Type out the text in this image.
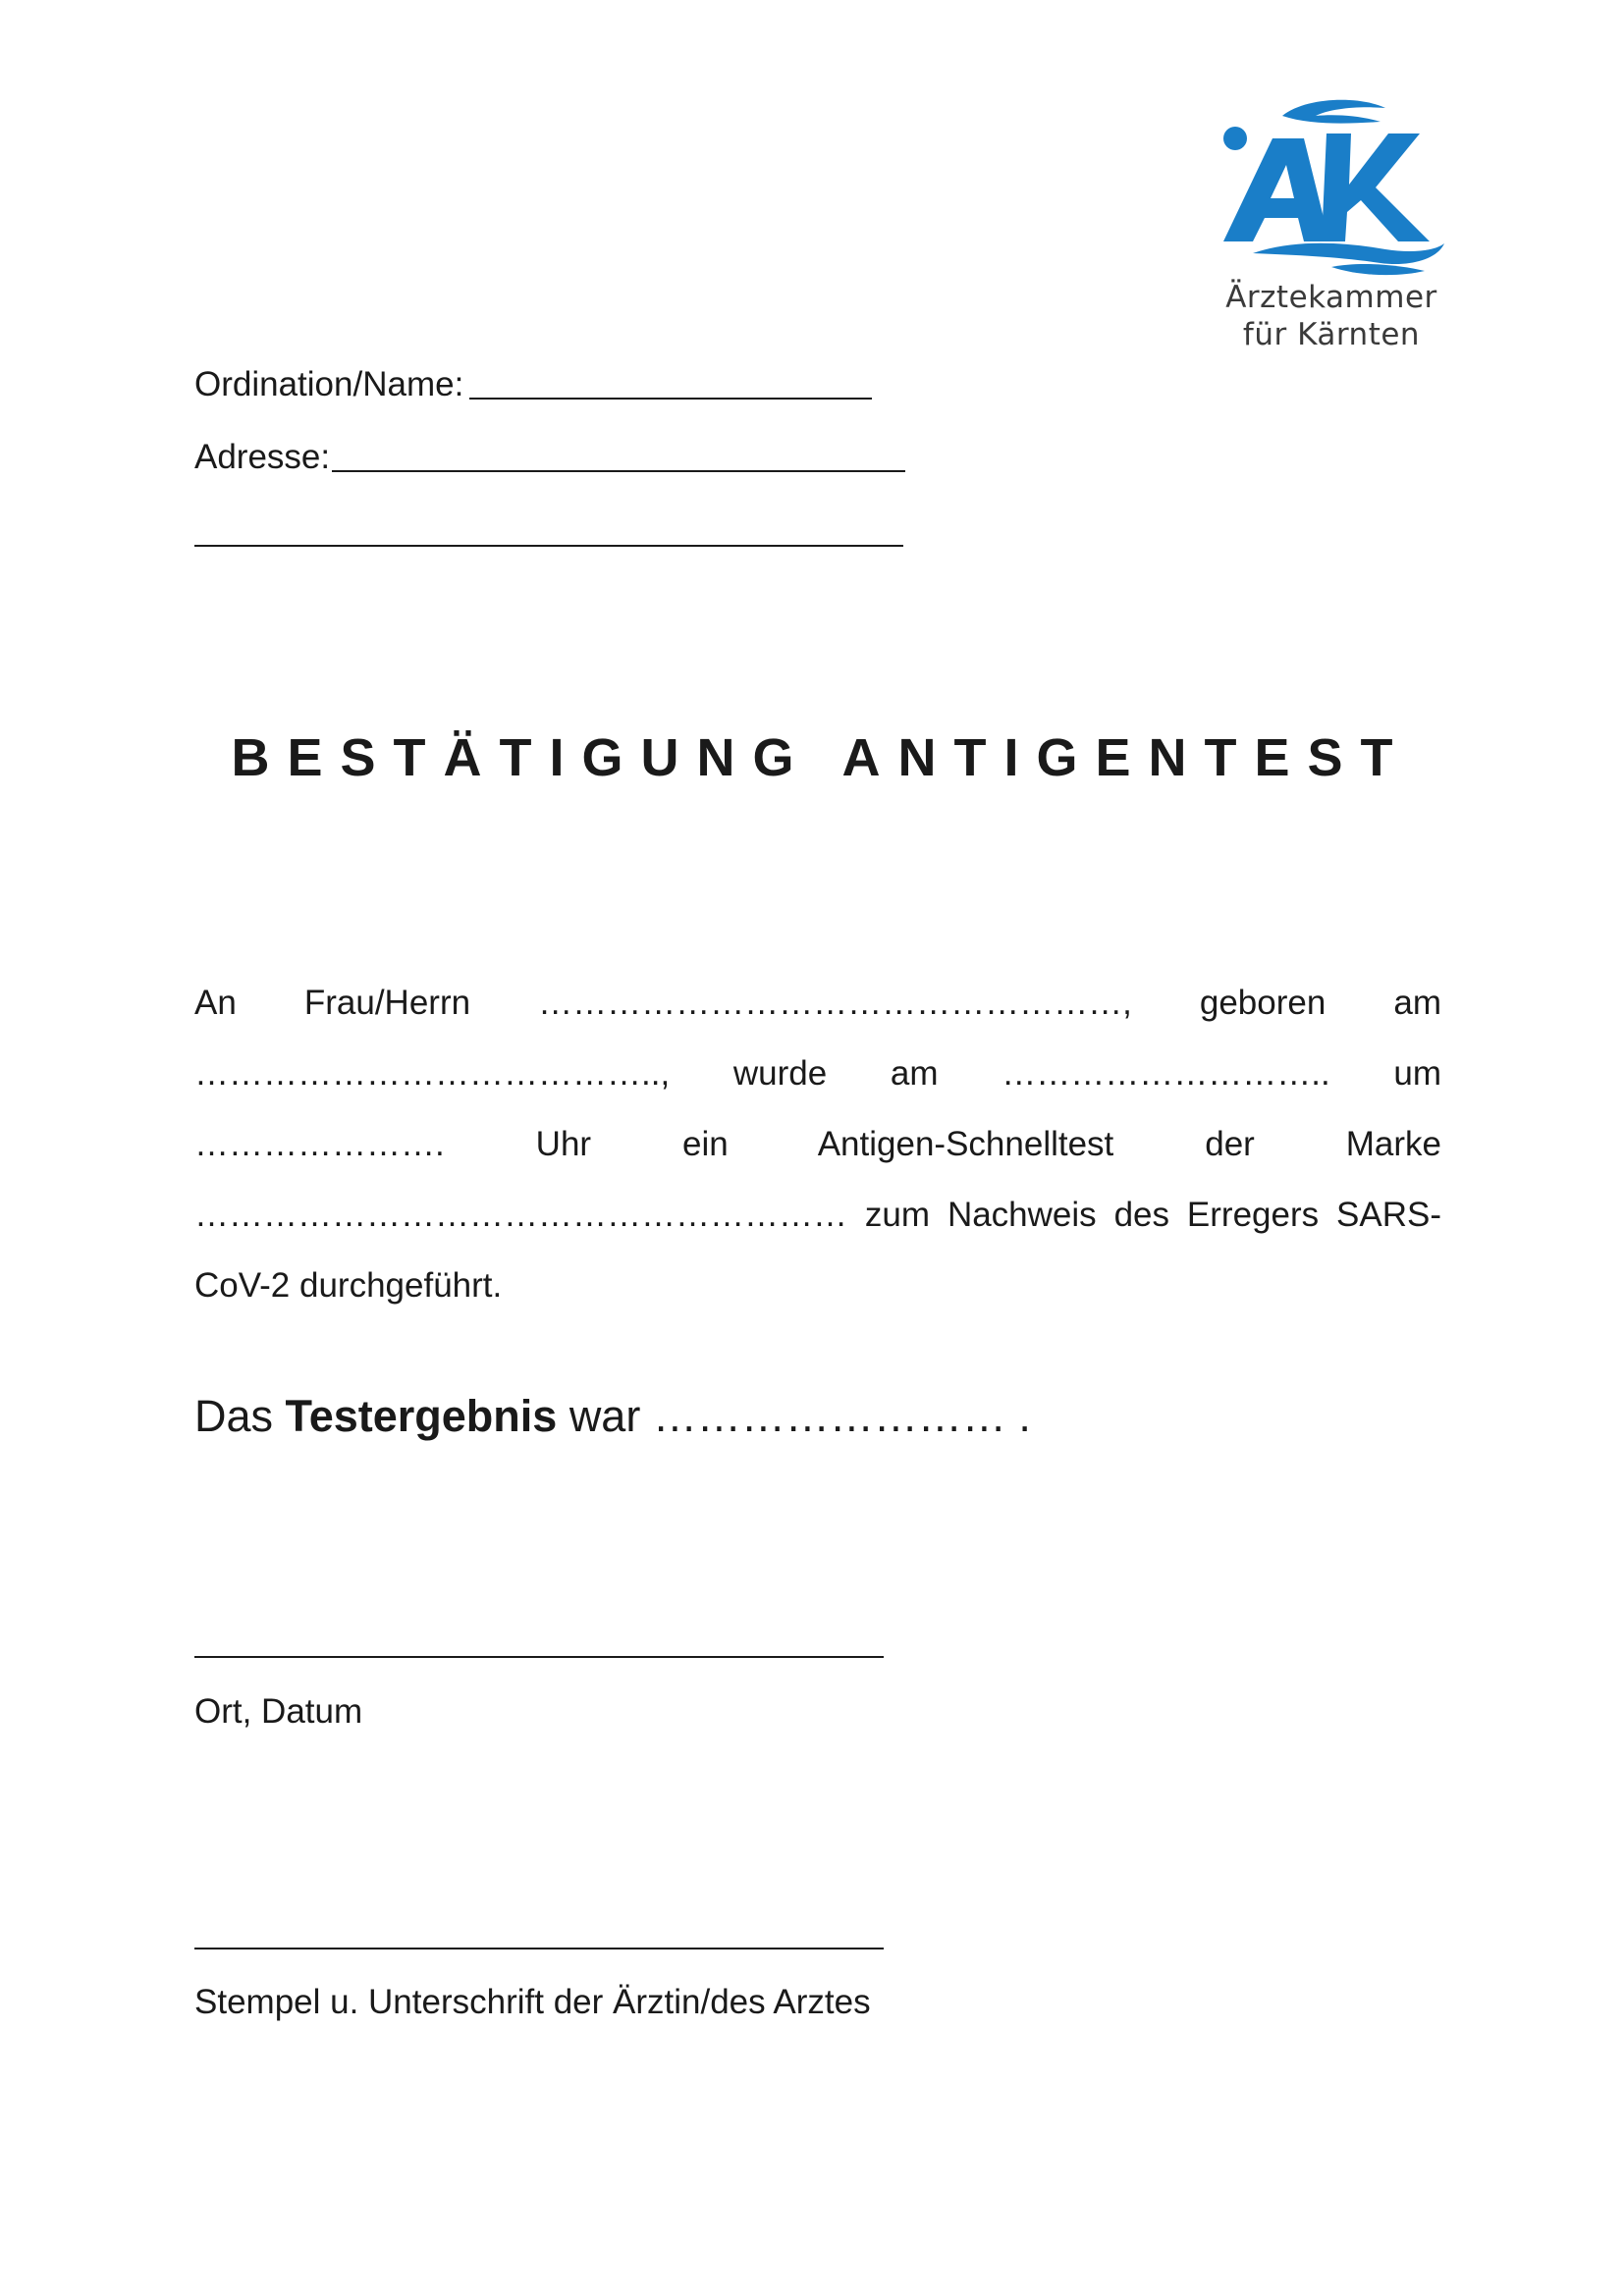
Ärztekammer
für Kärnten
Ordination/Name:
Adresse:
BESTÄTIGUNG ANTIGENTEST
An Frau/Herrn ……………………………………………, geboren am ………………………………….., wurde am ……………………….. um …………………. Uhr ein Antigen-Schnelltest der Marke ………………………………………………… zum Nachweis des Erregers SARS-CoV-2 durchgeführt.
Das Testergebnis war …………………… .
Ort, Datum
Stempel u. Unterschrift der Ärztin/des Arztes
